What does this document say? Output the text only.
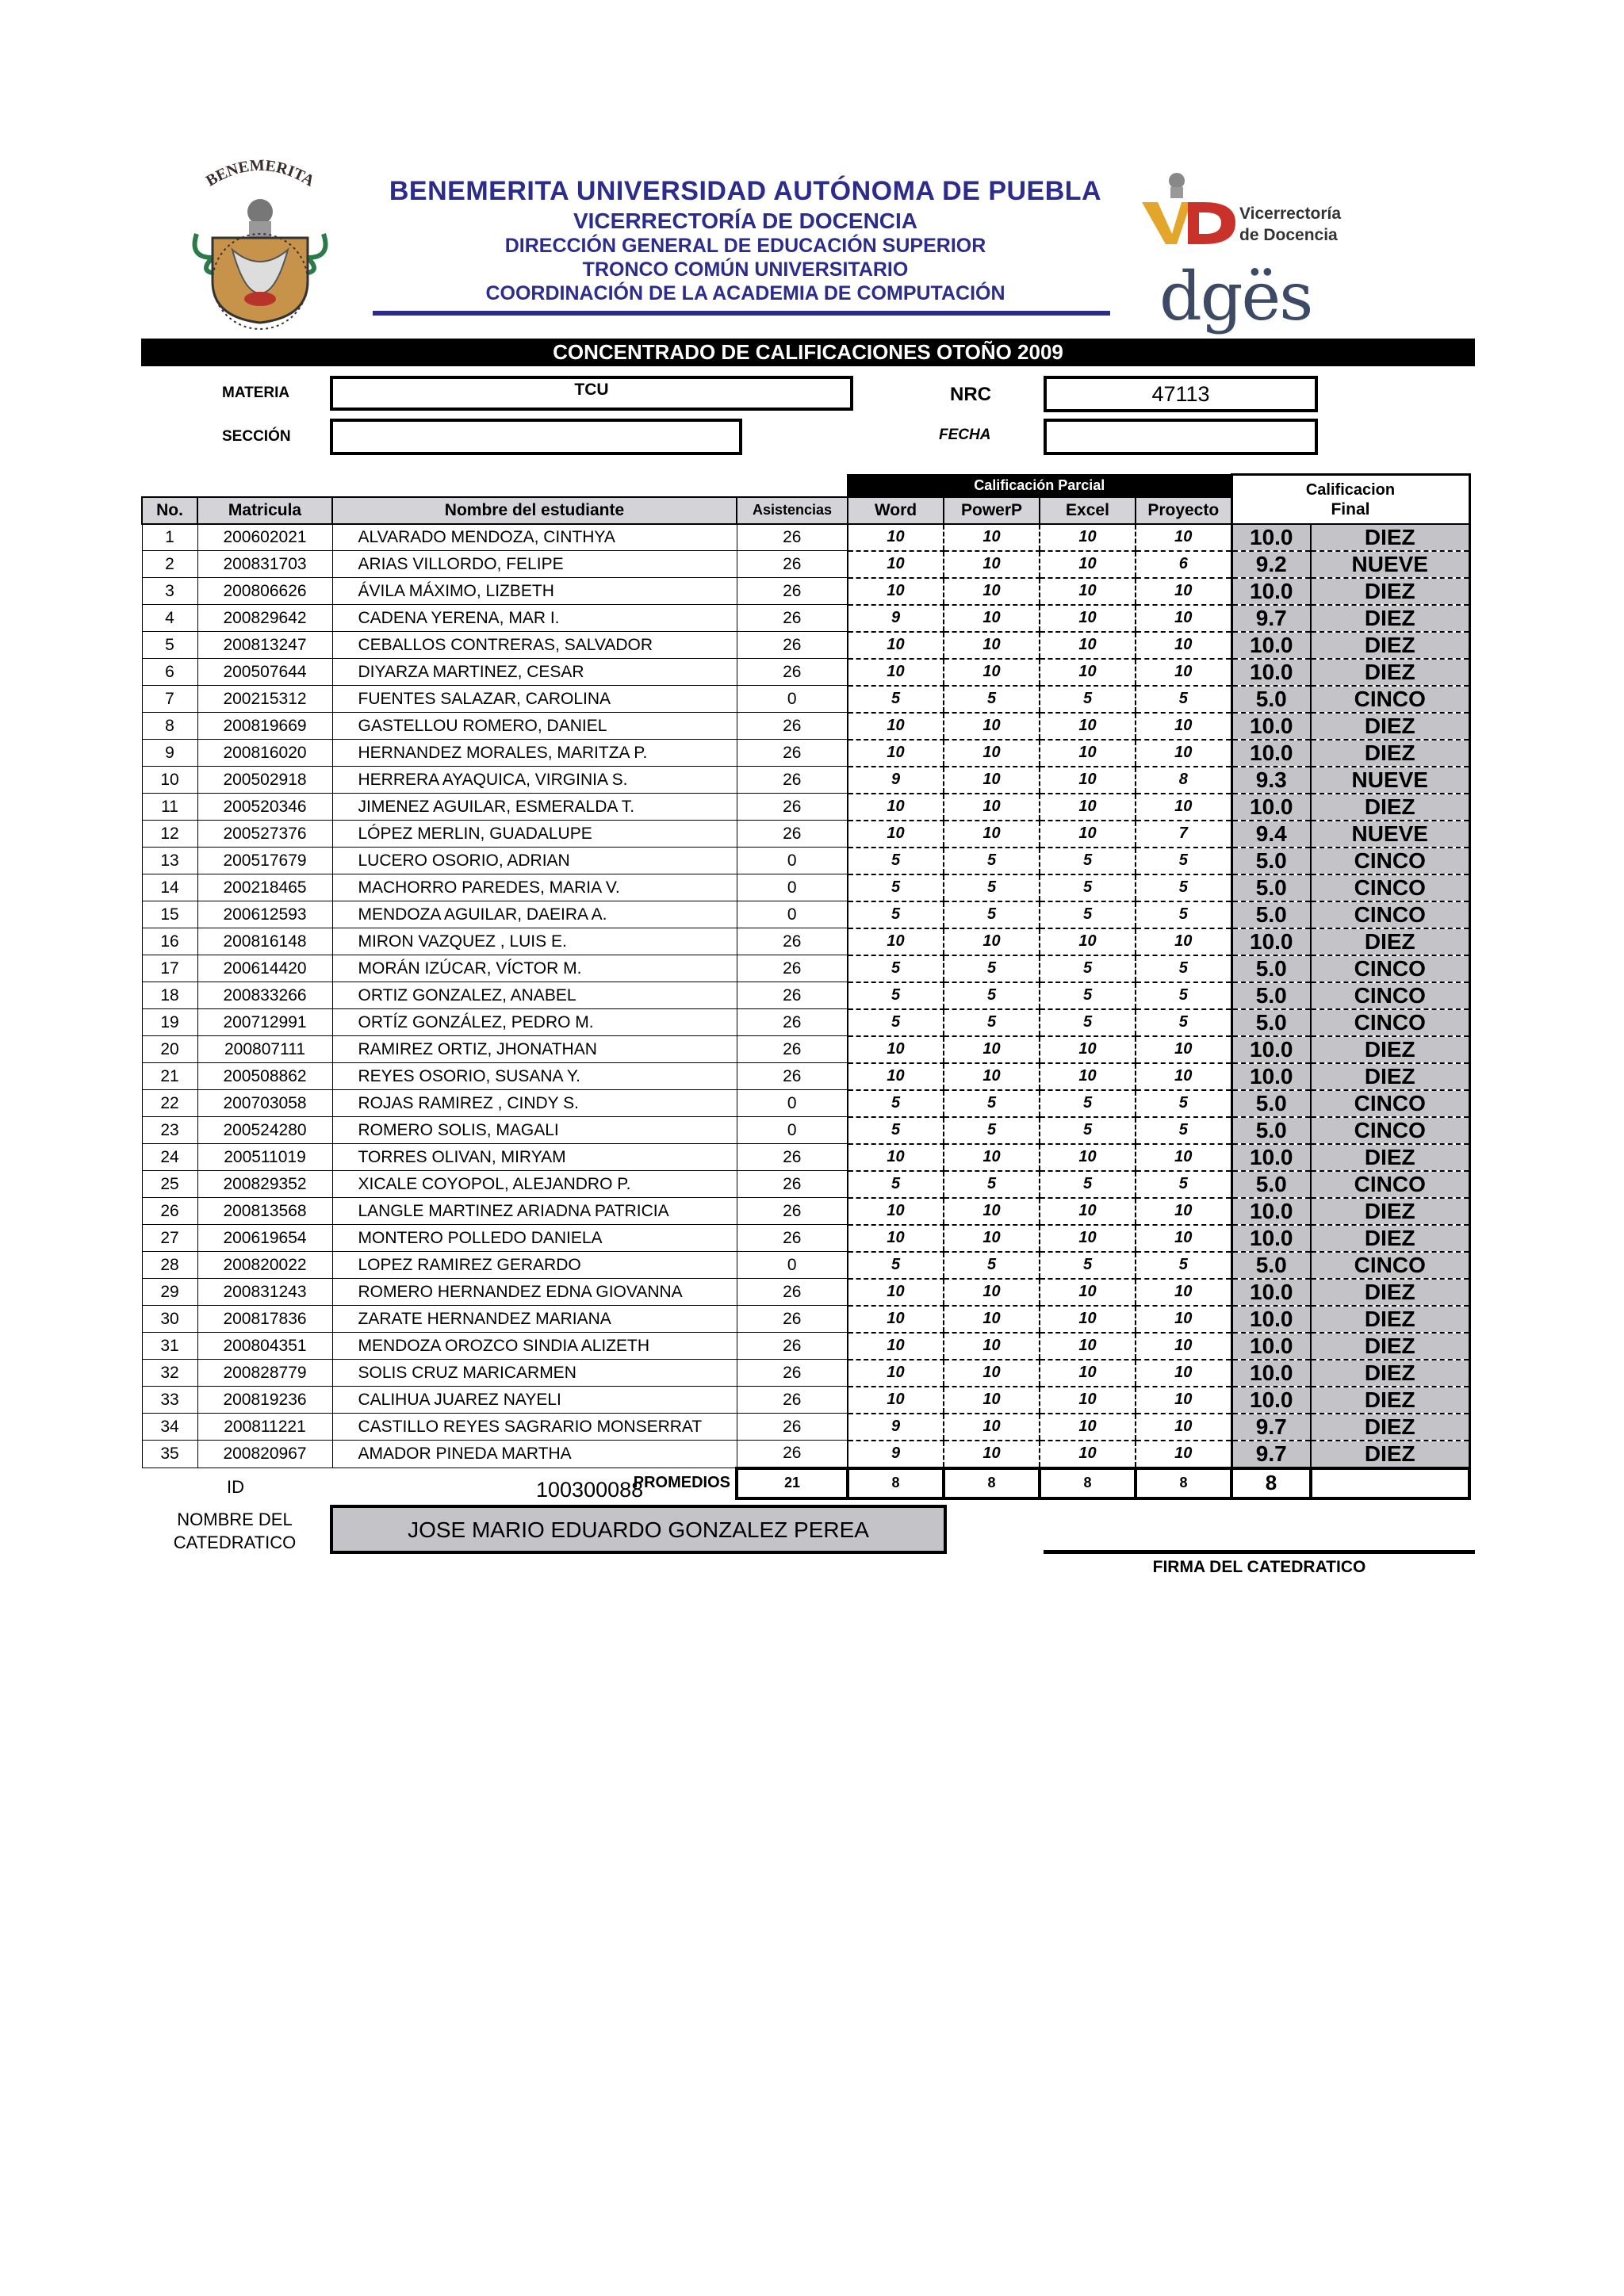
BENEMERITA	BENEMERITA UNIVERSIDAD AUTÓNOMA DE PUEBLA
VICERRECTORÍA DE DOCENCIA
DIRECCIÓN GENERAL DE EDUCACIÓN SUPERIOR
TRONCO COMÚN UNIVERSITARIO
COORDINACIÓN DE LA ACADEMIA DE COMPUTACIÓN
Vicerrectoría
de Docencia
dgës
CONCENTRADO DE CALIFICACIONES OTOÑO 2009
MATERIA	TCU	NRC	47113
SECCIÓN	FECHA
				Calificación Parcial				Calificacion	
No.	Matricula	Nombre del estudiante	Asistencias	Word	PowerP	Excel	Proyecto	Final	
1	200602021	ALVARADO MENDOZA, CINTHYA	26	10	10	10	10	10.0	DIEZ
2	200831703	ARIAS VILLORDO, FELIPE	26	10	10	10	6	9.2	NUEVE
3	200806626	ÁVILA MÁXIMO, LIZBETH	26	10	10	10	10	10.0	DIEZ
4	200829642	CADENA YERENA, MAR I.	26	9	10	10	10	9.7	DIEZ
5	200813247	CEBALLOS CONTRERAS, SALVADOR	26	10	10	10	10	10.0	DIEZ
6	200507644	DIYARZA MARTINEZ, CESAR	26	10	10	10	10	10.0	DIEZ
7	200215312	FUENTES SALAZAR, CAROLINA	0	5	5	5	5	5.0	CINCO
8	200819669	GASTELLOU ROMERO, DANIEL	26	10	10	10	10	10.0	DIEZ
9	200816020	HERNANDEZ MORALES, MARITZA P.	26	10	10	10	10	10.0	DIEZ
10	200502918	HERRERA AYAQUICA, VIRGINIA S.	26	9	10	10	8	9.3	NUEVE
11	200520346	JIMENEZ AGUILAR, ESMERALDA T.	26	10	10	10	10	10.0	DIEZ
12	200527376	LÓPEZ MERLIN, GUADALUPE	26	10	10	10	7	9.4	NUEVE
13	200517679	LUCERO OSORIO, ADRIAN	0	5	5	5	5	5.0	CINCO
14	200218465	MACHORRO PAREDES, MARIA V.	0	5	5	5	5	5.0	CINCO
15	200612593	MENDOZA AGUILAR, DAEIRA A.	0	5	5	5	5	5.0	CINCO
16	200816148	MIRON VAZQUEZ , LUIS E.	26	10	10	10	10	10.0	DIEZ
17	200614420	MORÁN IZÚCAR, VÍCTOR M.	26	5	5	5	5	5.0	CINCO
18	200833266	ORTIZ GONZALEZ, ANABEL	26	5	5	5	5	5.0	CINCO
19	200712991	ORTÍZ GONZÁLEZ, PEDRO M.	26	5	5	5	5	5.0	CINCO
20	200807111	RAMIREZ ORTIZ, JHONATHAN	26	10	10	10	10	10.0	DIEZ
21	200508862	REYES OSORIO, SUSANA Y.	26	10	10	10	10	10.0	DIEZ
22	200703058	ROJAS RAMIREZ , CINDY S.	0	5	5	5	5	5.0	CINCO
23	200524280	ROMERO SOLIS, MAGALI	0	5	5	5	5	5.0	CINCO
24	200511019	TORRES OLIVAN, MIRYAM	26	10	10	10	10	10.0	DIEZ
25	200829352	XICALE COYOPOL, ALEJANDRO P.	26	5	5	5	5	5.0	CINCO
26	200813568	LANGLE MARTINEZ ARIADNA PATRICIA	26	10	10	10	10	10.0	DIEZ
27	200619654	MONTERO POLLEDO DANIELA	26	10	10	10	10	10.0	DIEZ
28	200820022	LOPEZ RAMIREZ GERARDO	0	5	5	5	5	5.0	CINCO
29	200831243	ROMERO HERNANDEZ EDNA GIOVANNA	26	10	10	10	10	10.0	DIEZ
30	200817836	ZARATE HERNANDEZ MARIANA	26	10	10	10	10	10.0	DIEZ
31	200804351	MENDOZA OROZCO SINDIA ALIZETH	26	10	10	10	10	10.0	DIEZ
32	200828779	SOLIS CRUZ MARICARMEN	26	10	10	10	10	10.0	DIEZ
33	200819236	CALIHUA JUAREZ NAYELI	26	10	10	10	10	10.0	DIEZ
34	200811221	CASTILLO REYES SAGRARIO MONSERRAT	26	9	10	10	10	9.7	DIEZ
35	200820967	AMADOR PINEDA MARTHA	26	9	10	10	10	9.7	DIEZ
PROMEDIOS			21	8	8	8	8	8	
ID	100300088
NOMBRE DEL
CATEDRATICO
JOSE MARIO EDUARDO GONZALEZ PEREA
FIRMA DEL CATEDRATICO
